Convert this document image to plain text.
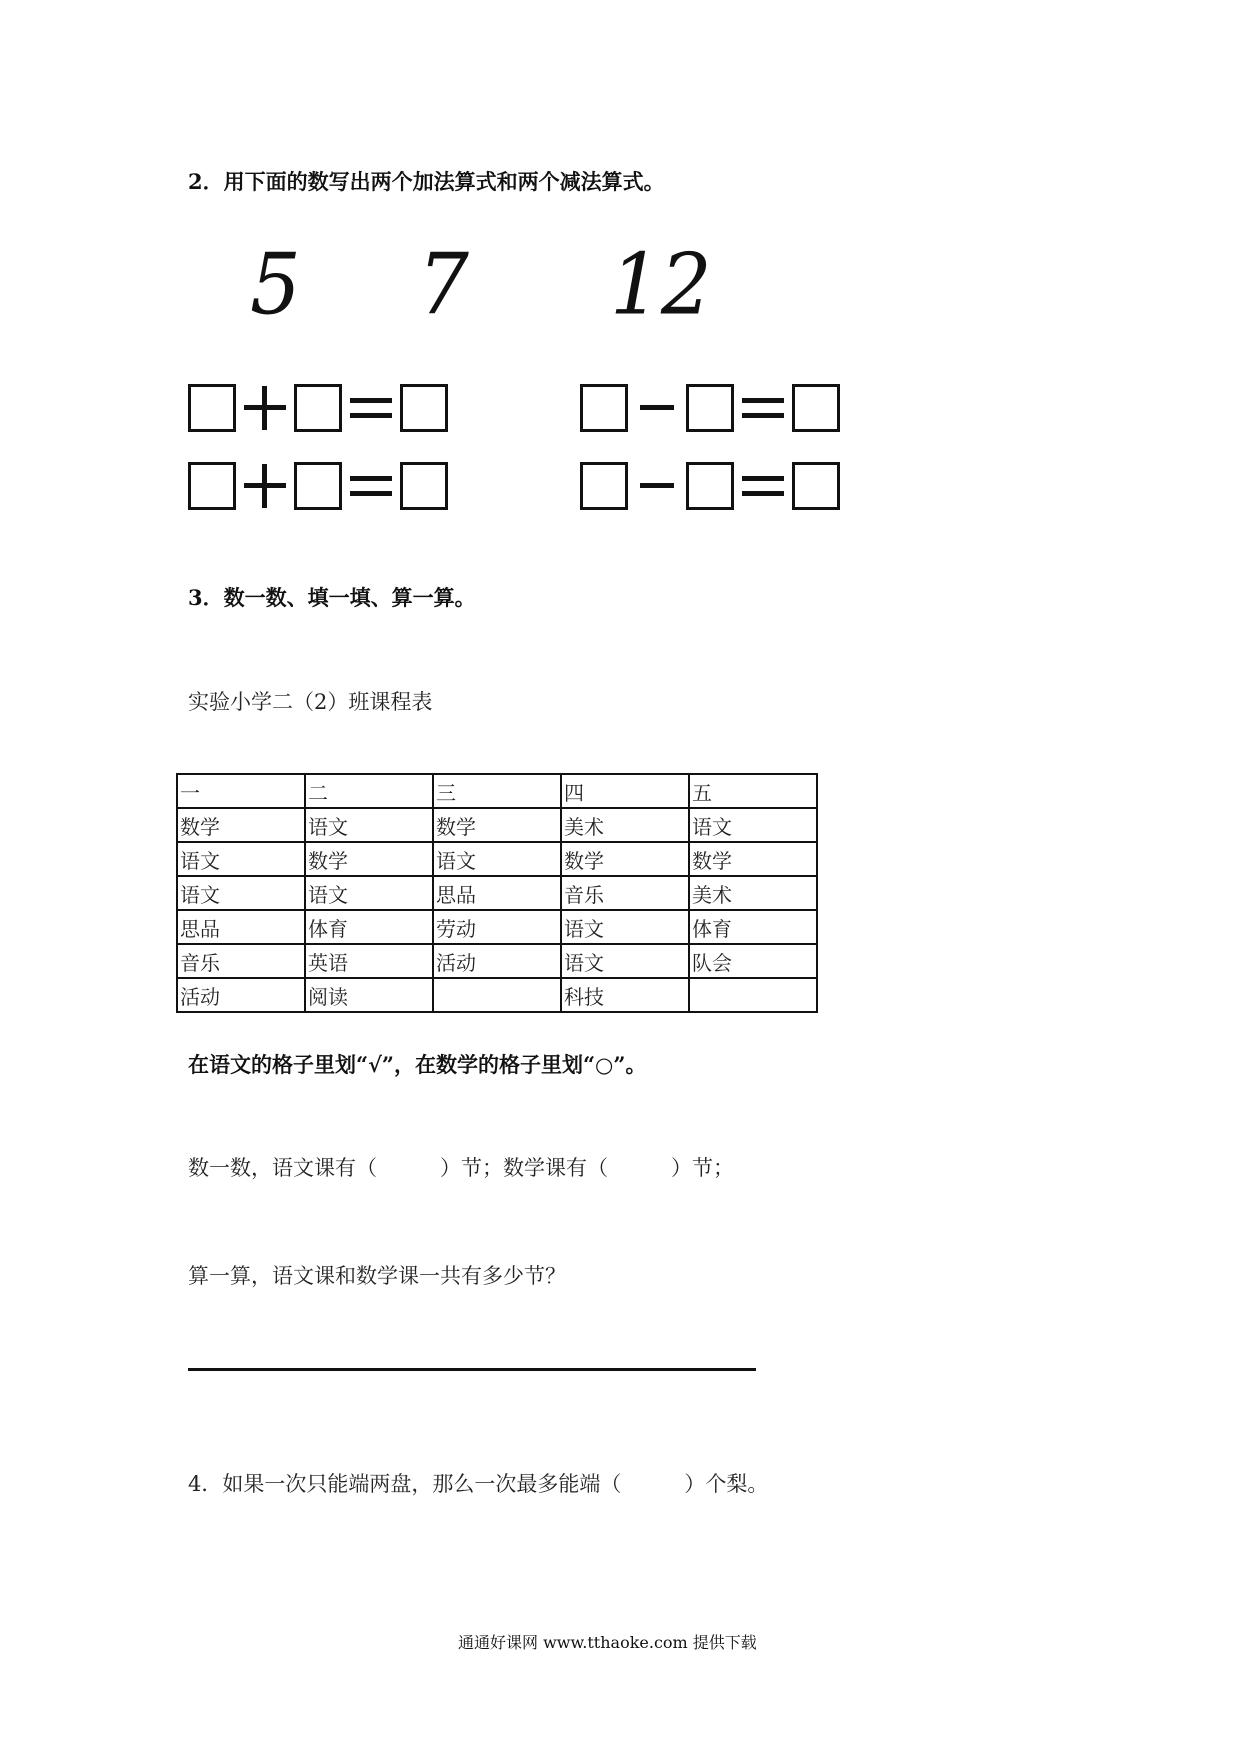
2．用下面的数写出两个加法算式和两个减法算式。
5 7 12
3．数一数、填一填、算一算。
实验小学二（2）班课程表
一	二	三	四	五
数学	语文	数学	美术	语文
语文	数学	语文	数学	数学
语文	语文	思品	音乐	美术
思品	体育	劳动	语文	体育
音乐	英语	活动	语文	队会
活动	阅读		科技	
在语文的格子里划“√”，在数学的格子里划“○”。
数一数，语文课有（　　　）节；数学课有（　　　）节；
算一算，语文课和数学课一共有多少节？
4．如果一次只能端两盘，那么一次最多能端（　　　）个梨。
通通好课网 www.tthaoke.com 提供下载
